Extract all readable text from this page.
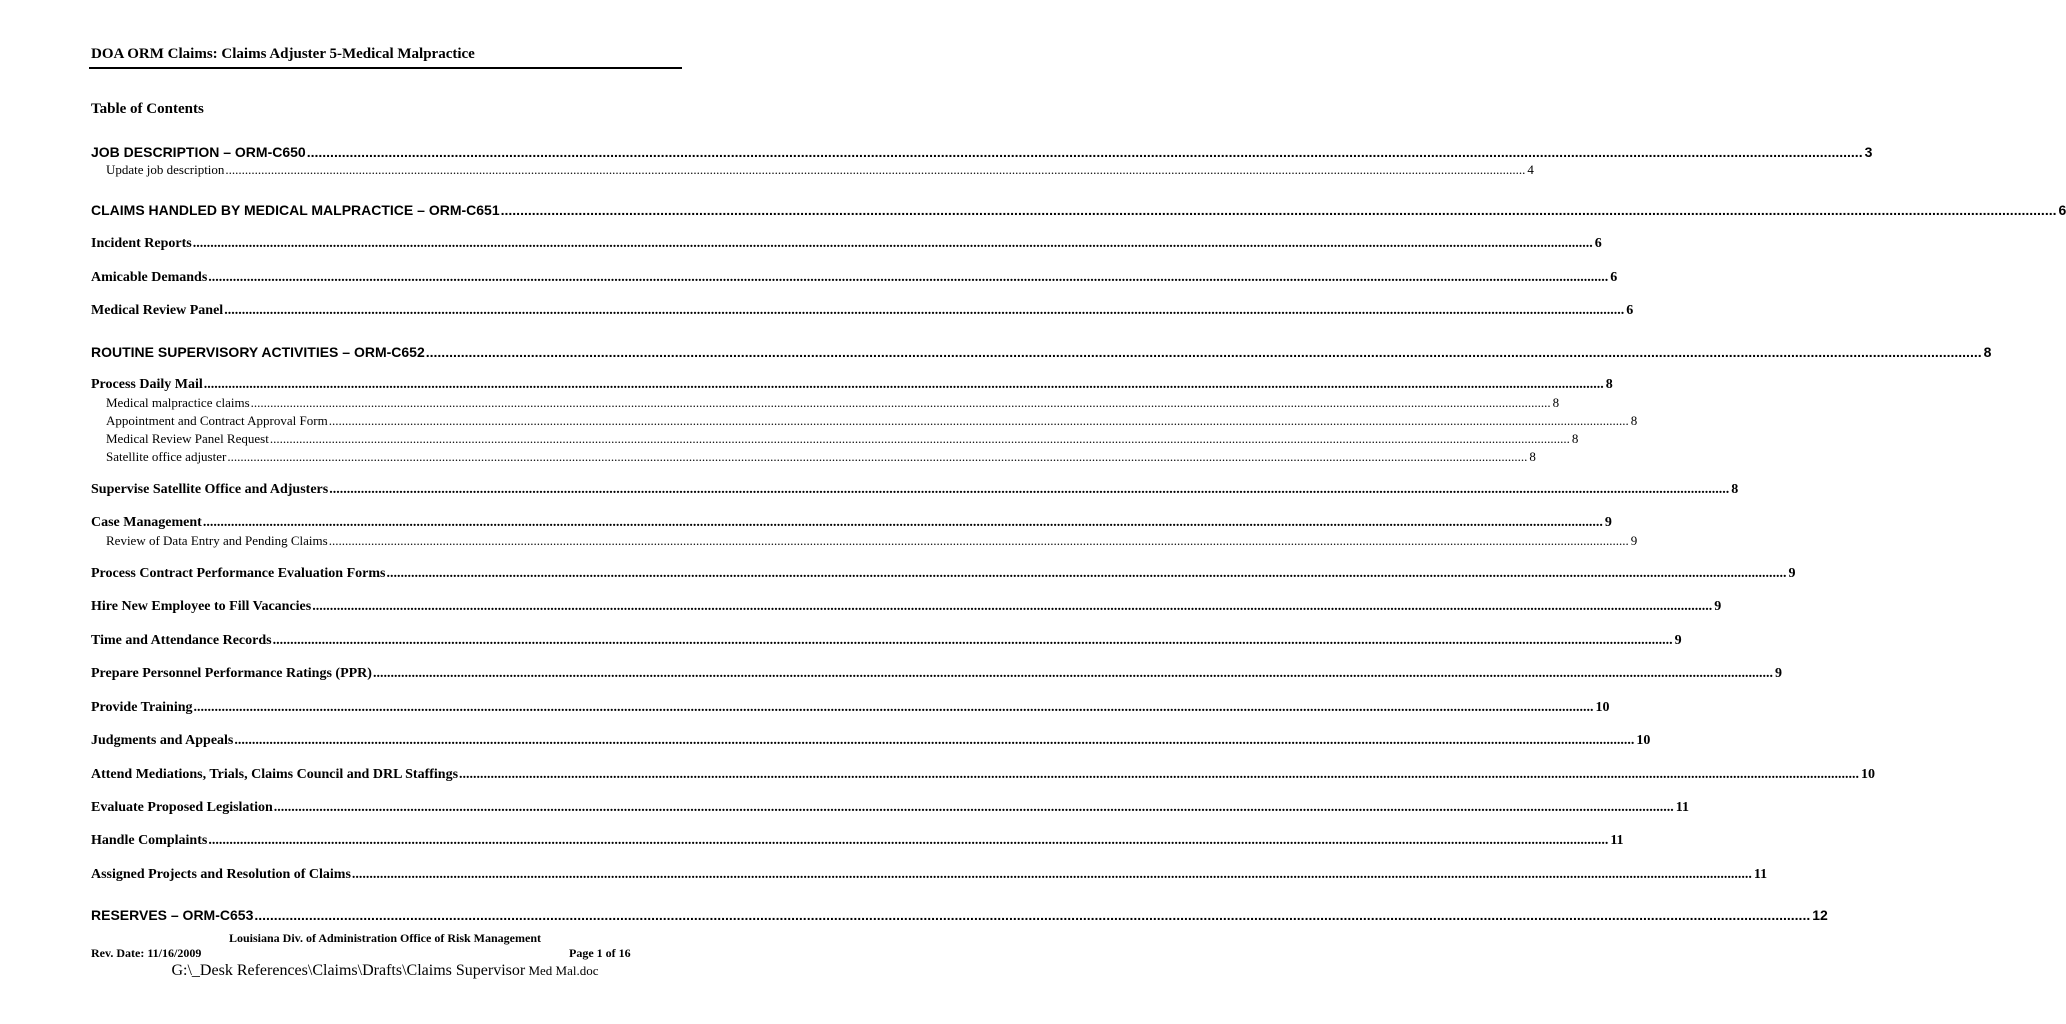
DOA ORM Claims: Claims Adjuster 5-Medical Malpractice
Table of Contents
JOB DESCRIPTION – ORM-C650 ................................................................................................................................................................................................................................................................................................................................................................................................................ 3
Update job description ................................................................................................................................................................................................................................................................................................................................................................................................................ 4
CLAIMS HANDLED BY MEDICAL MALPRACTICE – ORM-C651 ................................................................................................................................................................................................................................................................................................................................................................................................................ 6
Incident Reports ................................................................................................................................................................................................................................................................................................................................................................................................................ 6
Amicable Demands ................................................................................................................................................................................................................................................................................................................................................................................................................ 6
Medical Review Panel ................................................................................................................................................................................................................................................................................................................................................................................................................ 6
ROUTINE SUPERVISORY ACTIVITIES – ORM-C652 ................................................................................................................................................................................................................................................................................................................................................................................................................ 8
Process Daily Mail ................................................................................................................................................................................................................................................................................................................................................................................................................ 8
Medical malpractice claims ................................................................................................................................................................................................................................................................................................................................................................................................................ 8
Appointment and Contract Approval Form ................................................................................................................................................................................................................................................................................................................................................................................................................ 8
Medical Review Panel Request ................................................................................................................................................................................................................................................................................................................................................................................................................ 8
Satellite office adjuster ................................................................................................................................................................................................................................................................................................................................................................................................................ 8
Supervise Satellite Office and Adjusters ................................................................................................................................................................................................................................................................................................................................................................................................................ 8
Case Management ................................................................................................................................................................................................................................................................................................................................................................................................................ 9
Review of Data Entry and Pending Claims ................................................................................................................................................................................................................................................................................................................................................................................................................ 9
Process Contract Performance Evaluation Forms ................................................................................................................................................................................................................................................................................................................................................................................................................ 9
Hire New Employee to Fill Vacancies ................................................................................................................................................................................................................................................................................................................................................................................................................ 9
Time and Attendance Records ................................................................................................................................................................................................................................................................................................................................................................................................................ 9
Prepare Personnel Performance Ratings (PPR) ................................................................................................................................................................................................................................................................................................................................................................................................................ 9
Provide Training ................................................................................................................................................................................................................................................................................................................................................................................................................ 10
Judgments and Appeals ................................................................................................................................................................................................................................................................................................................................................................................................................ 10
Attend Mediations, Trials, Claims Council and DRL Staffings ................................................................................................................................................................................................................................................................................................................................................................................................................ 10
Evaluate Proposed Legislation ................................................................................................................................................................................................................................................................................................................................................................................................................ 11
Handle Complaints ................................................................................................................................................................................................................................................................................................................................................................................................................ 11
Assigned Projects and Resolution of Claims ................................................................................................................................................................................................................................................................................................................................................................................................................ 11
RESERVES – ORM-C653 ................................................................................................................................................................................................................................................................................................................................................................................................................ 12
Louisiana Div. of Administration Office of Risk Management
Rev. Date: 11/16/2009	Page 1 of 16
G:\_Desk References\Claims\Drafts\Claims Supervisor Med Mal.doc
